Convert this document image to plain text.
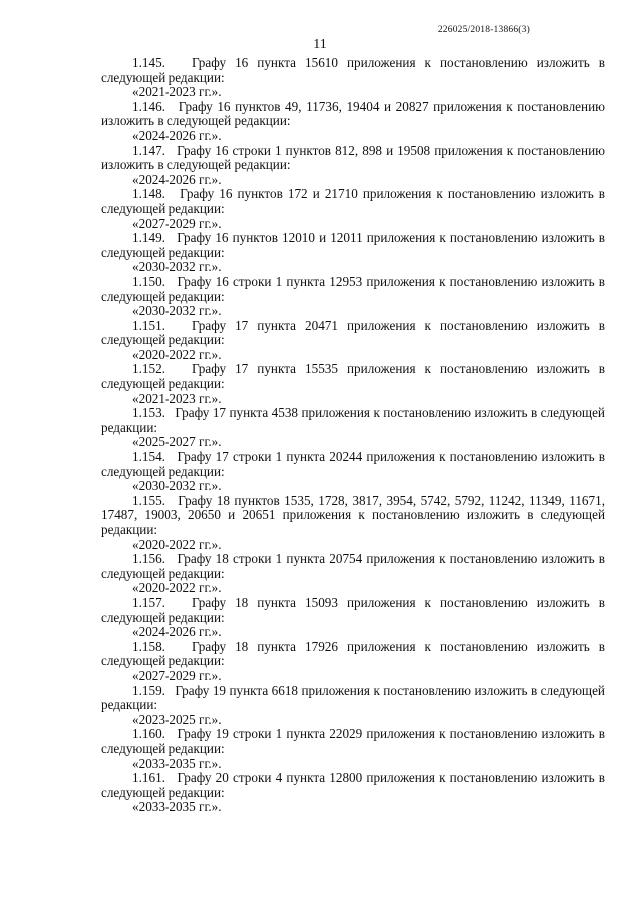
226025/2018-13866(3)
11

1.145.   Графу 16 пункта 15610 приложения к постановлению изложить в следующей редакции:

«2021-2023 гг.».

1.146.   Графу 16 пунктов 49, 11736, 19404 и 20827 приложения к постановлению изложить в следующей редакции:

«2024-2026 гг.».

1.147.   Графу 16 строки 1 пунктов 812, 898 и 19508 приложения к постановлению изложить в следующей редакции:

«2024-2026 гг.».

1.148.   Графу 16 пунктов 172 и 21710 приложения к постановлению изложить в следующей редакции:

«2027-2029 гг.».

1.149.   Графу 16 пунктов 12010 и 12011 приложения к постановлению изложить в следующей редакции:

«2030-2032 гг.».

1.150.   Графу 16 строки 1 пункта 12953 приложения к постановлению изложить в следующей редакции:

«2030-2032 гг.».

1.151.   Графу 17 пункта 20471 приложения к постановлению изложить в следующей редакции:

«2020-2022 гг.».

1.152.   Графу 17 пункта 15535 приложения к постановлению изложить в следующей редакции:

«2021-2023 гг.».

1.153.   Графу 17 пункта 4538 приложения к постановлению изложить в следующей редакции:

«2025-2027 гг.».

1.154.   Графу 17 строки 1 пункта 20244 приложения к постановлению изложить в следующей редакции:

«2030-2032 гг.».

1.155.   Графу 18 пунктов 1535, 1728, 3817, 3954, 5742, 5792, 11242, 11349, 11671, 17487, 19003, 20650 и 20651 приложения к постановлению изложить в следующей редакции:

«2020-2022 гг.».

1.156.   Графу 18 строки 1 пункта 20754 приложения к постановлению изложить в следующей редакции:

«2020-2022 гг.».

1.157.   Графу 18 пункта 15093 приложения к постановлению изложить в следующей редакции:

«2024-2026 гг.».

1.158.   Графу 18 пункта 17926 приложения к постановлению изложить в следующей редакции:

«2027-2029 гг.».

1.159.   Графу 19 пункта 6618 приложения к постановлению изложить в следующей редакции:

«2023-2025 гг.».

1.160.   Графу 19 строки 1 пункта 22029 приложения к постановлению изложить в следующей редакции:

«2033-2035 гг.».

1.161.   Графу 20 строки 4 пункта 12800 приложения к постановлению изложить в следующей редакции:

«2033-2035 гг.».
